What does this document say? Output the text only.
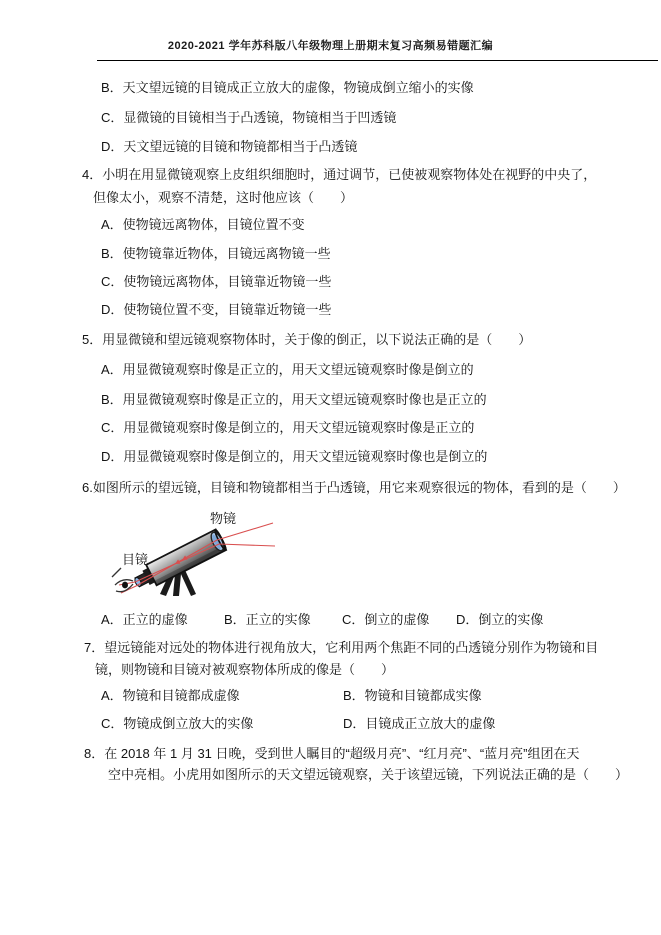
2020-2021 学年苏科版八年级物理上册期末复习高频易错题汇编
B．天文望远镜的目镜成正立放大的虚像，物镜成倒立缩小的实像
C．显微镜的目镜相当于凸透镜，物镜相当于凹透镜
D．天文望远镜的目镜和物镜都相当于凸透镜
4．小明在用显微镜观察上皮组织细胞时，通过调节，已使被观察物体处在视野的中央了，
但像太小，观察不清楚，这时他应该（　　）
A．使物镜远离物体，目镜位置不变
B．使物镜靠近物体，目镜远离物镜一些
C．使物镜远离物体，目镜靠近物镜一些
D．使物镜位置不变，目镜靠近物镜一些
5．用显微镜和望远镜观察物体时，关于像的倒正，以下说法正确的是（　　）
A．用显微镜观察时像是正立的，用天文望远镜观察时像是倒立的
B．用显微镜观察时像是正立的，用天文望远镜观察时像也是正立的
C．用显微镜观察时像是倒立的，用天文望远镜观察时像是正立的
D．用显微镜观察时像是倒立的，用天文望远镜观察时像也是倒立的
6.如图所示的望远镜，目镜和物镜都相当于凸透镜，用它来观察很远的物体，看到的是（　　）
物镜
目镜
A．正立的虚像	B．正立的实像 C．倒立的虚像 D．倒立的实像
7．望远镜能对远处的物体进行视角放大，它利用两个焦距不同的凸透镜分别作为物镜和目
镜，则物镜和目镜对被观察物体所成的像是（　　）
A．物镜和目镜都成虚像	B．物镜和目镜都成实像
C．物镜成倒立放大的实像	D．目镜成正立放大的虚像
8．在 2018 年 1 月 31 日晚，受到世人瞩目的“超级月亮”、“红月亮”、“蓝月亮”组团在天
空中亮相。小虎用如图所示的天文望远镜观察，关于该望远镜，下列说法正确的是（　　）
